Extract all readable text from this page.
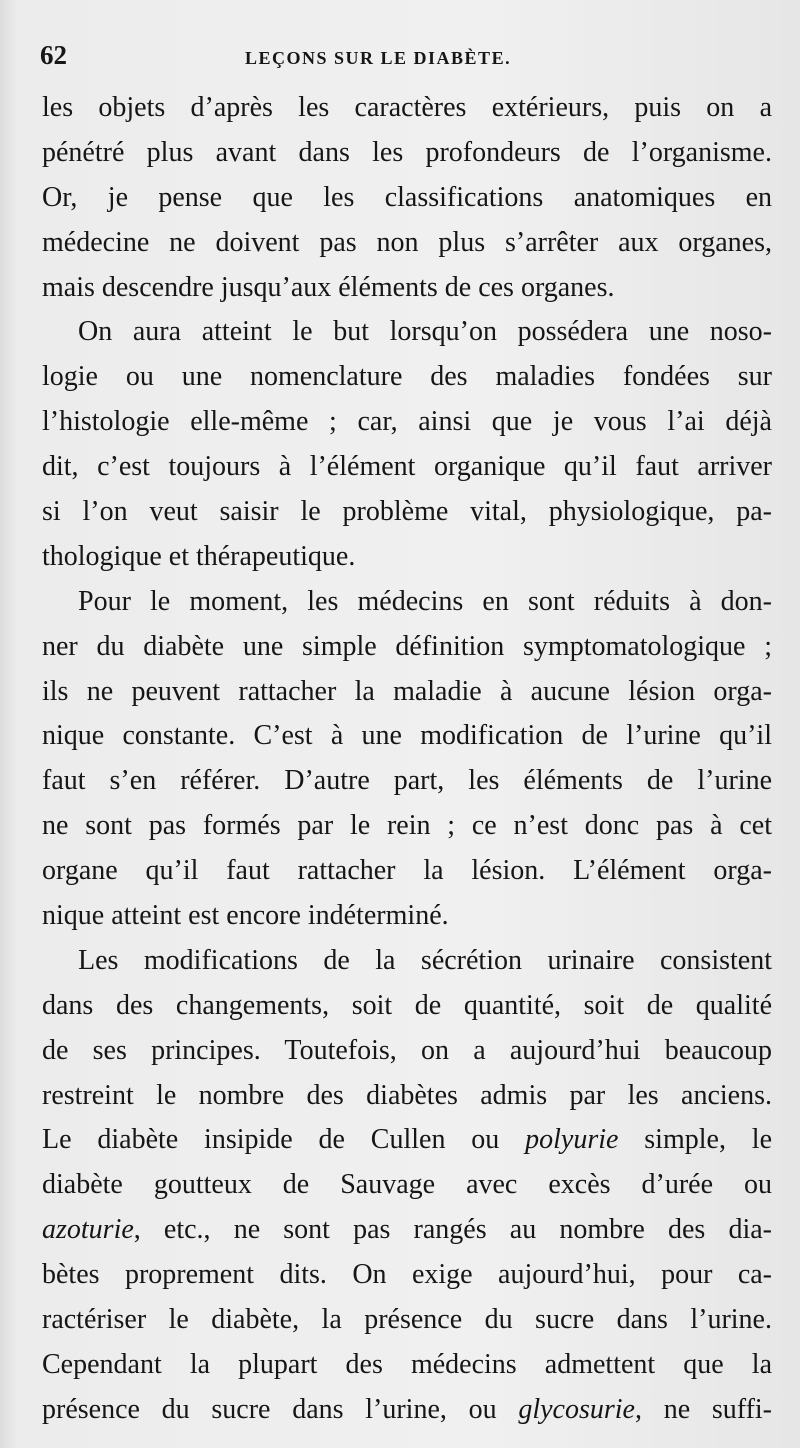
62	LEÇONS SUR LE DIABÈTE.
les objets d’après les caractères extérieurs, puis on a
pénétré plus avant dans les profondeurs de l’organisme.
Or, je pense que les classifications anatomiques en
médecine ne doivent pas non plus s’arrêter aux organes,
mais descendre jusqu’aux éléments de ces organes.
On aura atteint le but lorsqu’on possédera une noso-
logie ou une nomenclature des maladies fondées sur
l’histologie elle-même ; car, ainsi que je vous l’ai déjà
dit, c’est toujours à l’élément organique qu’il faut arriver
si l’on veut saisir le problème vital, physiologique, pa-
thologique et thérapeutique.
Pour le moment, les médecins en sont réduits à don-
ner du diabète une simple définition symptomatologique ;
ils ne peuvent rattacher la maladie à aucune lésion orga-
nique constante. C’est à une modification de l’urine qu’il
faut s’en référer. D’autre part, les éléments de l’urine
ne sont pas formés par le rein ; ce n’est donc pas à cet
organe qu’il faut rattacher la lésion. L’élément orga-
nique atteint est encore indéterminé.
Les modifications de la sécrétion urinaire consistent
dans des changements, soit de quantité, soit de qualité
de ses principes. Toutefois, on a aujourd’hui beaucoup
restreint le nombre des diabètes admis par les anciens.
Le diabète insipide de Cullen ou polyurie simple, le
diabète goutteux de Sauvage avec excès d’urée ou
azoturie, etc., ne sont pas rangés au nombre des dia-
bètes proprement dits. On exige aujourd’hui, pour ca-
ractériser le diabète, la présence du sucre dans l’urine.
Cependant la plupart des médecins admettent que la
présence du sucre dans l’urine, ou glycosurie, ne suffi-
